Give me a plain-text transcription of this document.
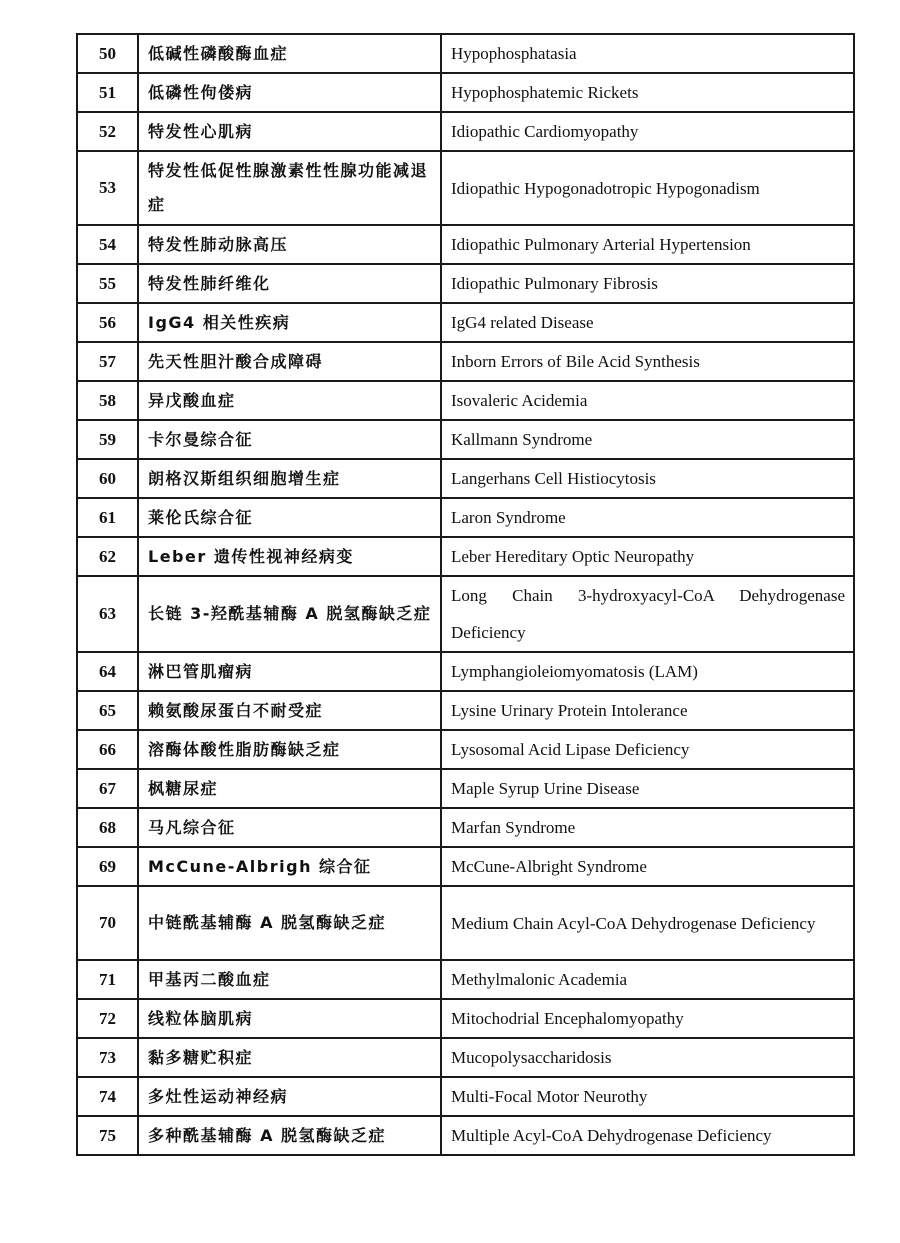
50	低碱性磷酸酶血症	Hypophosphatasia
51	低磷性佝偻病	Hypophosphatemic Rickets
52	特发性心肌病	Idiopathic Cardiomyopathy
53	特发性低促性腺激素性性腺功能减退症	Idiopathic Hypogonadotropic Hypogonadism
54	特发性肺动脉高压	Idiopathic Pulmonary Arterial Hypertension
55	特发性肺纤维化	Idiopathic Pulmonary Fibrosis
56	IgG4 相关性疾病	IgG4 related Disease
57	先天性胆汁酸合成障碍	Inborn Errors of Bile Acid Synthesis
58	异戊酸血症	Isovaleric Acidemia
59	卡尔曼综合征	Kallmann Syndrome
60	朗格汉斯组织细胞增生症	Langerhans Cell Histiocytosis
61	莱伦氏综合征	Laron Syndrome
62	Leber 遗传性视神经病变	Leber Hereditary Optic Neuropathy
63	长链 3-羟酰基辅酶 A 脱氢酶缺乏症	Long Chain 3-hydroxyacyl-CoA Dehydrogenase Deficiency
64	淋巴管肌瘤病	Lymphangioleiomyomatosis (LAM)
65	赖氨酸尿蛋白不耐受症	Lysine Urinary Protein Intolerance
66	溶酶体酸性脂肪酶缺乏症	Lysosomal Acid Lipase Deficiency
67	枫糖尿症	Maple Syrup Urine Disease
68	马凡综合征	Marfan Syndrome
69	McCune-Albrigh 综合征	McCune-Albright Syndrome
70	中链酰基辅酶 A 脱氢酶缺乏症	Medium Chain Acyl-CoA Dehydrogenase Deficiency
71	甲基丙二酸血症	Methylmalonic Academia
72	线粒体脑肌病	Mitochodrial Encephalomyopathy
73	黏多糖贮积症	Mucopolysaccharidosis
74	多灶性运动神经病	Multi-Focal Motor Neurothy
75	多种酰基辅酶 A 脱氢酶缺乏症	Multiple Acyl-CoA Dehydrogenase Deficiency
